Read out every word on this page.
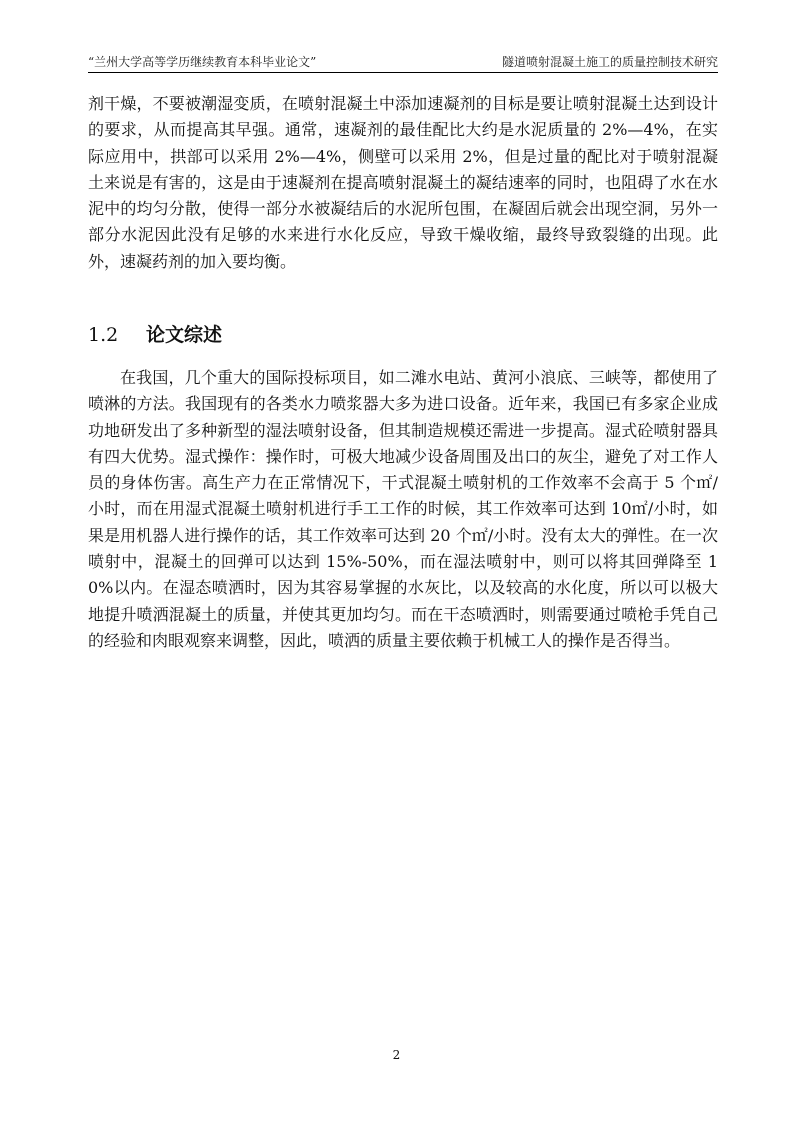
“兰州大学高等学历继续教育本科毕业论文”	隧道喷射混凝土施工的质量控制技术研究
剂干燥，不要被潮湿变质，在喷射混凝土中添加速凝剂的目标是要让喷射混凝土达到设计的要求，从而提高其早强。通常，速凝剂的最佳配比大约是水泥质量的 2%—4%，在实际应用中，拱部可以采用 2%—4%，侧壁可以采用 2%，但是过量的配比对于喷射混凝土来说是有害的，这是由于速凝剂在提高喷射混凝土的凝结速率的同时，也阻碍了水在水泥中的均匀分散，使得一部分水被凝结后的水泥所包围，在凝固后就会出现空洞，另外一部分水泥因此没有足够的水来进行水化反应，导致干燥收缩，最终导致裂缝的出现。此外，速凝药剂的加入要均衡。
1.2 论文综述
在我国，几个重大的国际投标项目，如二滩水电站、黄河小浪底、三峡等，都使用了喷淋的方法。我国现有的各类水力喷浆器大多为进口设备。近年来，我国已有多家企业成功地研发出了多种新型的湿法喷射设备，但其制造规模还需进一步提高。湿式砼喷射器具有四大优势。湿式操作：操作时，可极大地减少设备周围及出口的灰尘，避免了对工作人员的身体伤害。高生产力在正常情况下，干式混凝土喷射机的工作效率不会高于 5 个㎡/小时，而在用湿式混凝土喷射机进行手工工作的时候，其工作效率可达到 10㎡/小时，如果是用机器人进行操作的话，其工作效率可达到 20 个㎡/小时。没有太大的弹性。在一次喷射中，混凝土的回弹可以达到 15%-50%，而在湿法喷射中，则可以将其回弹降至 10%以内。在湿态喷洒时，因为其容易掌握的水灰比，以及较高的水化度，所以可以极大地提升喷洒混凝土的质量，并使其更加均匀。而在干态喷洒时，则需要通过喷枪手凭自己的经验和肉眼观察来调整，因此，喷洒的质量主要依赖于机械工人的操作是否得当。
2
